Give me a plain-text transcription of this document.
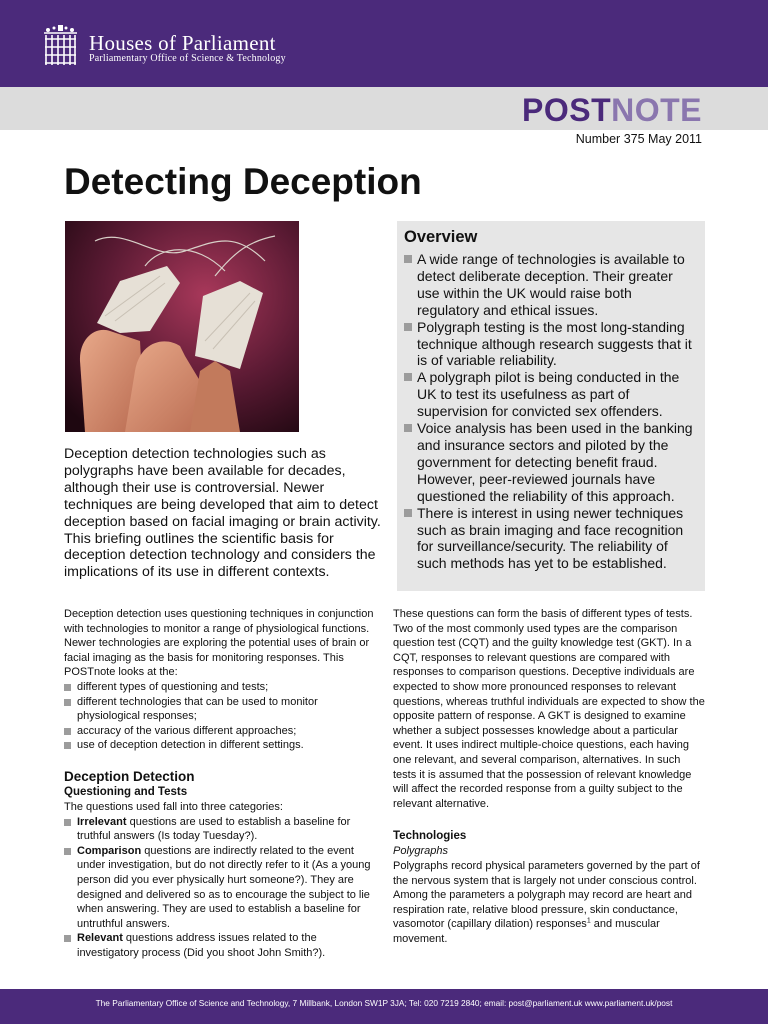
Houses of Parliament
Parliamentary Office of Science & Technology
POSTNOTE
Number 375 May 2011
Detecting Deception

Deception detection technologies such as polygraphs have been available for decades, although their use is controversial. Newer techniques are being developed that aim to detect deception based on facial imaging or brain activity. This briefing outlines the scientific basis for deception detection technology and considers the implications of its use in different contexts.

Overview
A wide range of technologies is available to detect deliberate deception. Their greater use within the UK would raise both regulatory and ethical issues.
Polygraph testing is the most long-standing technique although research suggests that it is of variable reliability.
A polygraph pilot is being conducted in the UK to test its usefulness as part of supervision for convicted sex offenders.
Voice analysis has been used in the banking and insurance sectors and piloted by the government for detecting benefit fraud. However, peer-reviewed journals have questioned the reliability of this approach.
There is interest in using newer techniques such as brain imaging and face recognition for surveillance/security. The reliability of such methods has yet to be established.

Deception detection uses questioning techniques in conjunction with technologies to monitor a range of physiological functions. Newer technologies are exploring the potential uses of brain or facial imaging as the basis for monitoring responses. This POSTnote looks at the:

different types of questioning and tests;
different technologies that can be used to monitor physiological responses;
accuracy of the various different approaches;
use of deception detection in different settings.
Deception Detection
Questioning and Tests

The questions used fall into three categories:

Irrelevant questions are used to establish a baseline for truthful answers (Is today Tuesday?).
Comparison questions are indirectly related to the event under investigation, but do not directly refer to it (As a young person did you ever physically hurt someone?). They are designed and delivered so as to encourage the subject to lie when answering. They are used to establish a baseline for untruthful answers.
Relevant questions address issues related to the investigatory process (Did you shoot John Smith?).

These questions can form the basis of different types of tests. Two of the most commonly used types are the comparison question test (CQT) and the guilty knowledge test (GKT). In a CQT, responses to relevant questions are compared with responses to comparison questions. Deceptive individuals are expected to show more pronounced responses to relevant questions, whereas truthful individuals are expected to show the opposite pattern of response. A GKT is designed to examine whether a subject possesses knowledge about a particular event. It uses indirect multiple-choice questions, each having one relevant, and several comparison, alternatives. In such tests it is assumed that the possession of relevant knowledge will affect the recorded response from a guilty subject to the relevant alternative.

Technologies
Polygraphs

Polygraphs record physical parameters governed by the part of the nervous system that is largely not under conscious control. Among the parameters a polygraph may record are heart and respiration rate, relative blood pressure, skin conductance, vasomotor (capillary dilation) responses$^1$ and muscular movement.

The Parliamentary Office of Science and Technology, 7 Millbank, London SW1P 3JA; Tel: 020 7219 2840; email: post@parliament.uk www.parliament.uk/post
